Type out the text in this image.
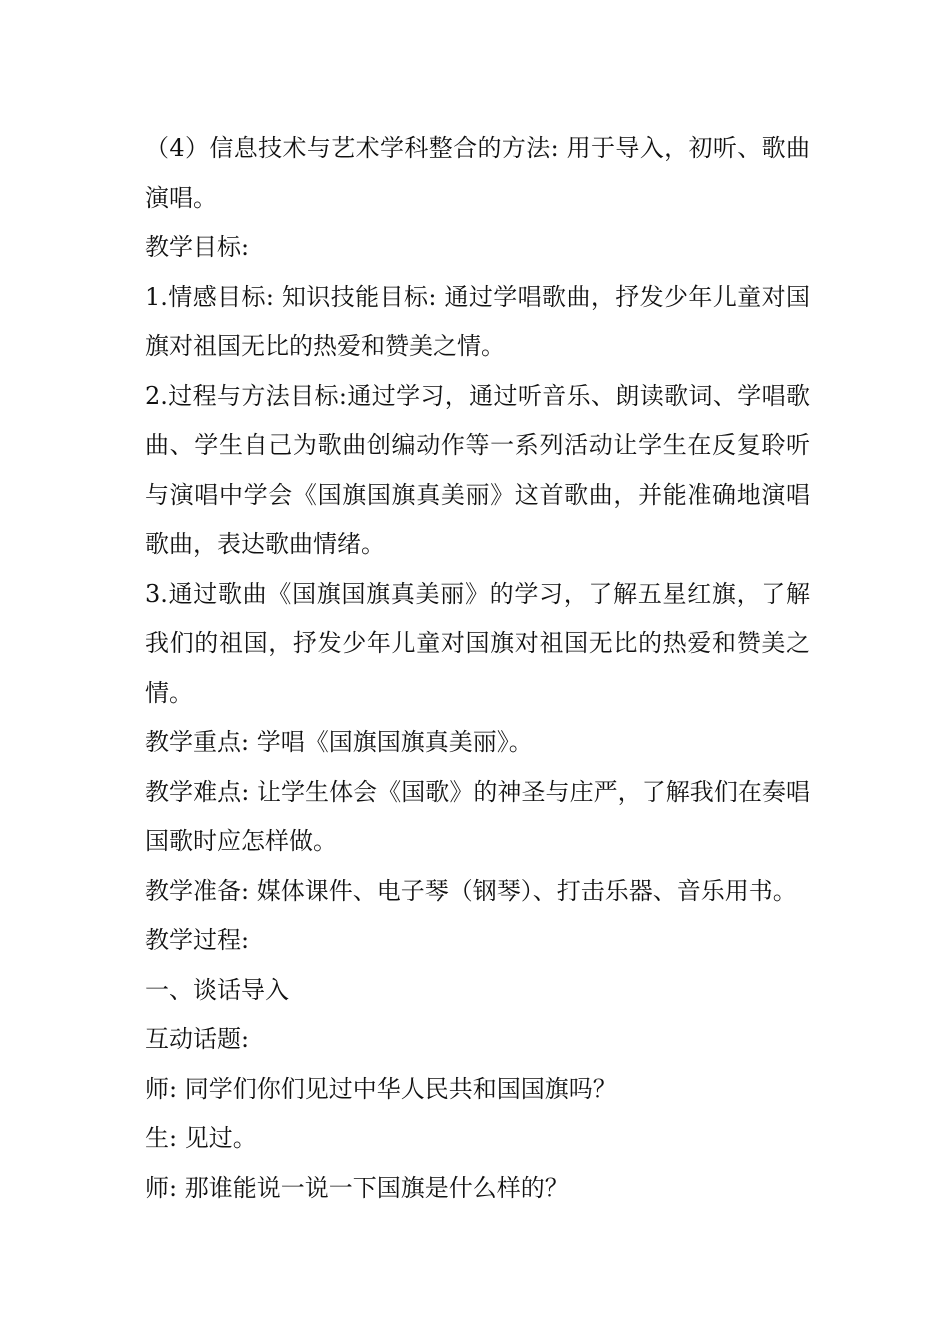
（4）信息技术与艺术学科整合的方法: 用于导入，初听、歌曲演唱。

教学目标:

1.情感目标: 知识技能目标: 通过学唱歌曲，抒发少年儿童对国旗对祖国无比的热爱和赞美之情。

2.过程与方法目标:通过学习，通过听音乐、朗读歌词、学唱歌曲、学生自己为歌曲创编动作等一系列活动让学生在反复聆听与演唱中学会《国旗国旗真美丽》这首歌曲，并能准确地演唱歌曲，表达歌曲情绪。

3.通过歌曲《国旗国旗真美丽》的学习，了解五星红旗，了解我们的祖国，抒发少年儿童对国旗对祖国无比的热爱和赞美之情。

教学重点: 学唱《国旗国旗真美丽》。

教学难点: 让学生体会《国歌》的神圣与庄严，了解我们在奏唱国歌时应怎样做。

教学准备: 媒体课件、电子琴（钢琴）、打击乐器、音乐用书。

教学过程:

一、谈话导入

互动话题:

师: 同学们你们见过中华人民共和国国旗吗？

生: 见过。

师: 那谁能说一说一下国旗是什么样的？
